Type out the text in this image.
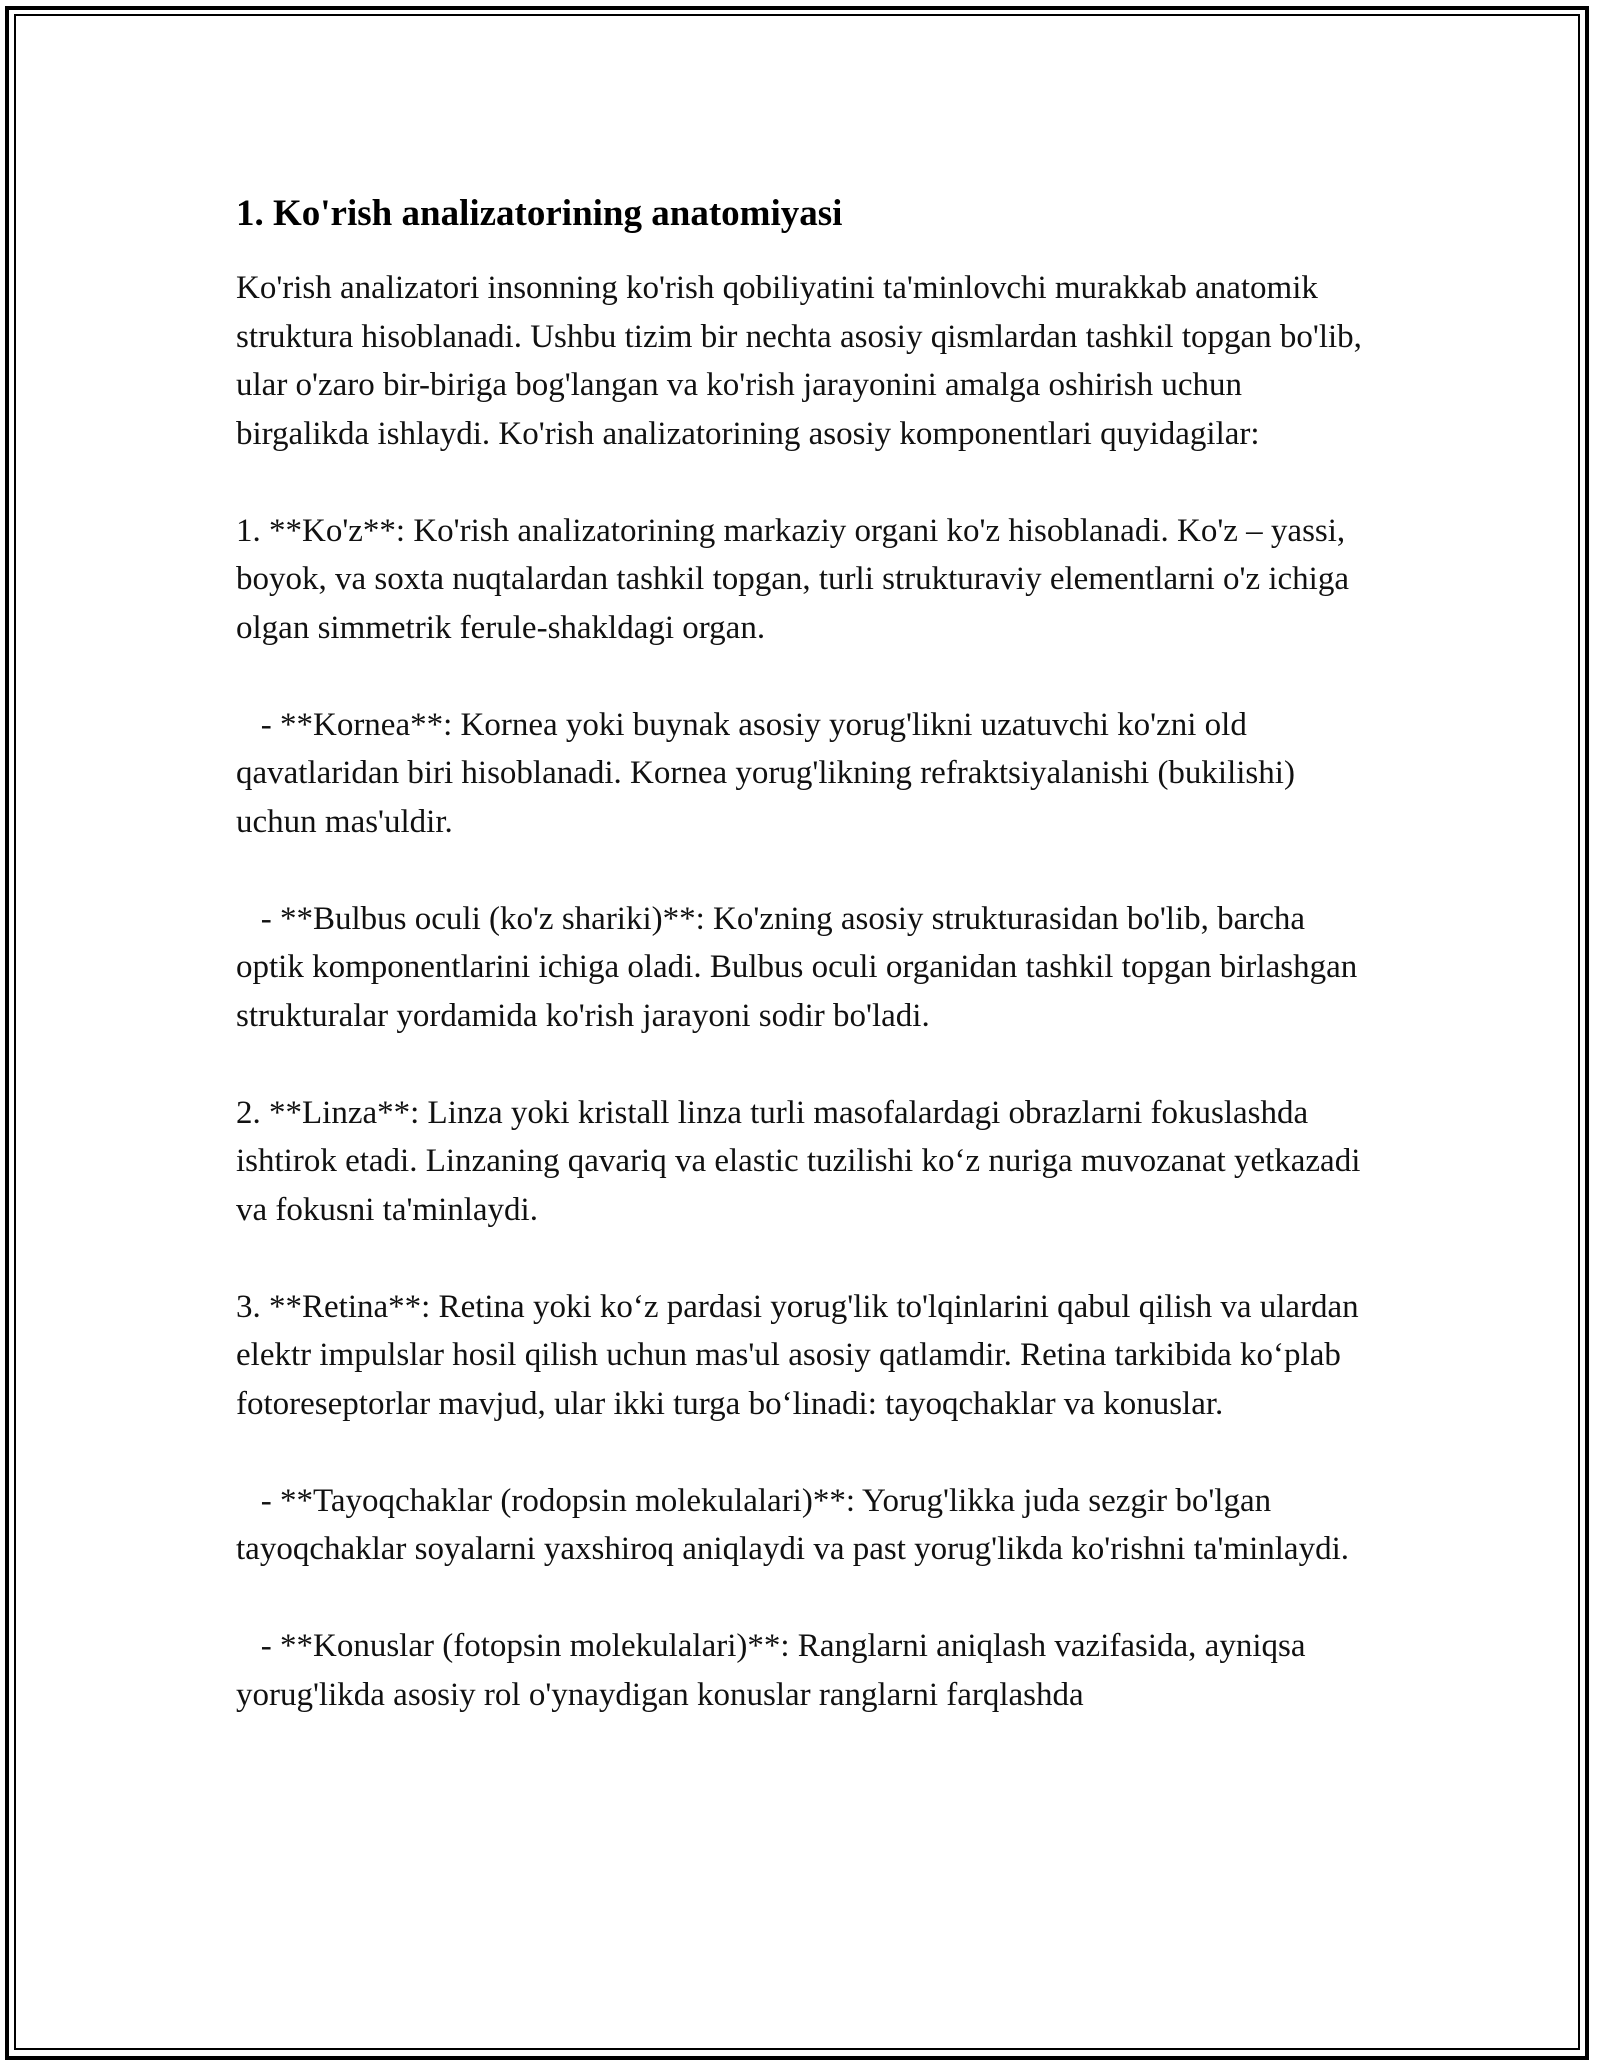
1. Ko'rish analizatorining anatomiyasi

Ko'rish analizatori insonning ko'rish qobiliyatini ta'minlovchi murakkab anatomik struktura hisoblanadi. Ushbu tizim bir nechta asosiy qismlardan tashkil topgan bo'lib, ular o'zaro bir-biriga bog'langan va ko'rish jarayonini amalga oshirish uchun birgalikda ishlaydi. Ko'rish analizatorining asosiy komponentlari quyidagilar:

1. **Ko'z**: Ko'rish analizatorining markaziy organi ko'z hisoblanadi. Ko'z – yassi, boyok, va soxta nuqtalardan tashkil topgan, turli strukturaviy elementlarni o'z ichiga olgan simmetrik ferule-shakldagi organ.

- **Kornea**: Kornea yoki buynak asosiy yorug'likni uzatuvchi ko'zni old qavatlaridan biri hisoblanadi. Kornea yorug'likning refraktsiyalanishi (bukilishi) uchun mas'uldir.

- **Bulbus oculi (ko'z shariki)**: Ko'zning asosiy strukturasidan bo'lib, barcha optik komponentlarini ichiga oladi. Bulbus oculi organidan tashkil topgan birlashgan strukturalar yordamida ko'rish jarayoni sodir bo'ladi.

2. **Linza**: Linza yoki kristall linza turli masofalardagi obrazlarni fokuslashda ishtirok etadi. Linzaning qavariq va elastic tuzilishi ko‘z nuriga muvozanat yetkazadi va fokusni ta'minlaydi.

3. **Retina**: Retina yoki ko‘z pardasi yorug'lik to'lqinlarini qabul qilish va ulardan elektr impulslar hosil qilish uchun mas'ul asosiy qatlamdir. Retina tarkibida ko‘plab fotoreseptorlar mavjud, ular ikki turga bo‘linadi: tayoqchaklar va konuslar.

- **Tayoqchaklar (rodopsin molekulalari)**: Yorug'likka juda sezgir bo'lgan tayoqchaklar soyalarni yaxshiroq aniqlaydi va past yorug'likda ko'rishni ta'minlaydi.

- **Konuslar (fotopsin molekulalari)**: Ranglarni aniqlash vazifasida, ayniqsa yorug'likda asosiy rol o'ynaydigan konuslar ranglarni farqlashda
